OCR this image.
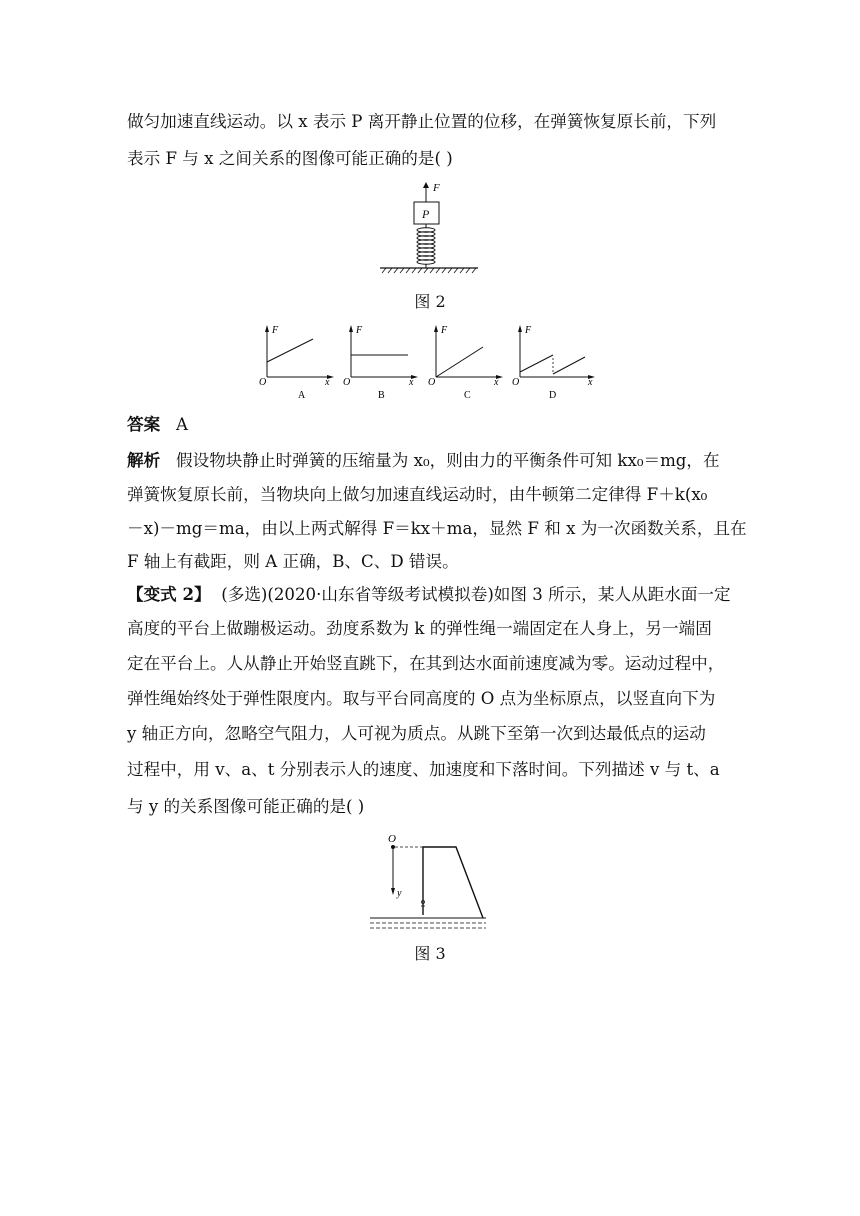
做匀加速直线运动。以 x 表示 P 离开静止位置的位移，在弹簧恢复原长前，下列
表示 F 与 x 之间关系的图像可能正确的是( )
F
P
图 2
F
O	x
A
F
O	x
B
F
O	x
C
F
O	x
D
答案 A
解析 假设物块静止时弹簧的压缩量为 x₀，则由力的平衡条件可知 kx₀＝mg，在
弹簧恢复原长前，当物块向上做匀加速直线运动时，由牛顿第二定律得 F＋k(x₀
－x)－mg＝ma，由以上两式解得 F＝kx＋ma，显然 F 和 x 为一次函数关系，且在
F 轴上有截距，则 A 正确，B、C、D 错误。
【变式 2】 (多选)(2020·山东省等级考试模拟卷)如图 3 所示，某人从距水面一定
高度的平台上做蹦极运动。劲度系数为 k 的弹性绳一端固定在人身上，另一端固
定在平台上。人从静止开始竖直跳下，在其到达水面前速度减为零。运动过程中，
弹性绳始终处于弹性限度内。取与平台同高度的 O 点为坐标原点，以竖直向下为
y 轴正方向，忽略空气阻力，人可视为质点。从跳下至第一次到达最低点的运动
过程中，用 v、a、t 分别表示人的速度、加速度和下落时间。下列描述 v 与 t、a
与 y 的关系图像可能正确的是( )
O
y
图 3
